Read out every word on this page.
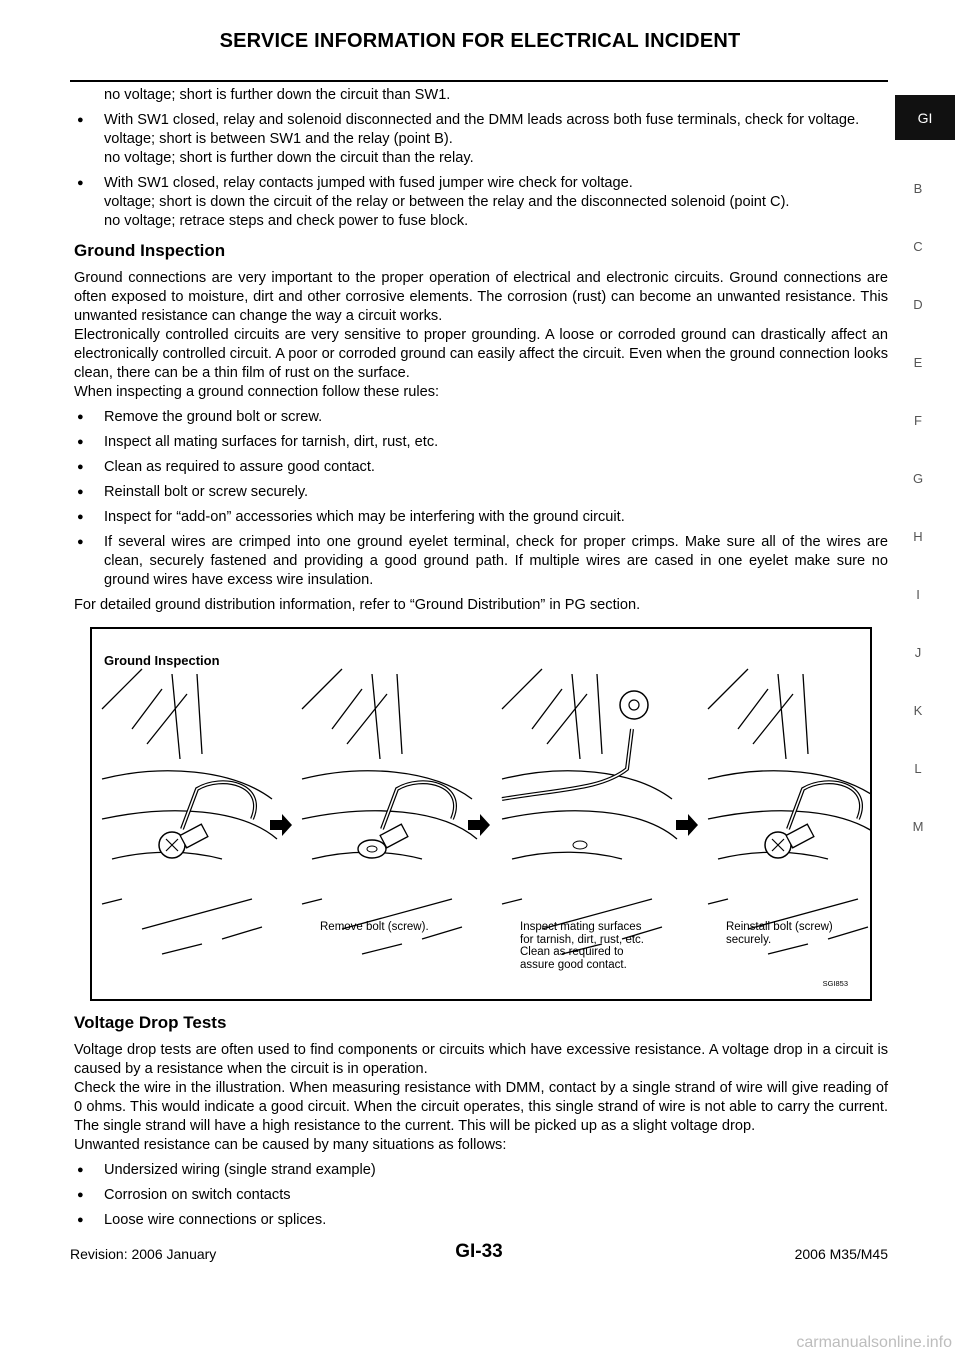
SERVICE INFORMATION FOR ELECTRICAL INCIDENT
GI
B
C
D
E
F
G
H
I
J
K
L
M

no voltage; short is further down the circuit than SW1.

● With SW1 closed, relay and solenoid disconnected and the DMM leads across both fuse terminals, check for voltage.
voltage; short is between SW1 and the relay (point B).
no voltage; short is further down the circuit than the relay.
● With SW1 closed, relay contacts jumped with fused jumper wire check for voltage.
voltage; short is down the circuit of the relay or between the relay and the disconnected solenoid (point C).
no voltage; retrace steps and check power to fuse block.
Ground Inspection

Ground connections are very important to the proper operation of electrical and electronic circuits. Ground connections are often exposed to moisture, dirt and other corrosive elements. The corrosion (rust) can become an unwanted resistance. This unwanted resistance can change the way a circuit works.

Electronically controlled circuits are very sensitive to proper grounding. A loose or corroded ground can drastically affect an electronically controlled circuit. A poor or corroded ground can easily affect the circuit. Even when the ground connection looks clean, there can be a thin film of rust on the surface.

When inspecting a ground connection follow these rules:

● Remove the ground bolt or screw.
● Inspect all mating surfaces for tarnish, dirt, rust, etc.
● Clean as required to assure good contact.
● Reinstall bolt or screw securely.
● Inspect for “add-on” accessories which may be interfering with the ground circuit.
● If several wires are crimped into one ground eyelet terminal, check for proper crimps. Make sure all of the wires are clean, securely fastened and providing a good ground path. If multiple wires are cased in one eyelet make sure no ground wires have excess wire insulation.

For detailed ground distribution information, refer to “Ground Distribution” in PG section.

Ground Inspection
Remove bolt (screw).	Inspect mating surfaces
for tarnish, dirt, rust, etc.
Clean as required to
assure good contact.
Reinstall bolt (screw)
securely.
SGI853
Voltage Drop Tests

Voltage drop tests are often used to find components or circuits which have excessive resistance. A voltage drop in a circuit is caused by a resistance when the circuit is in operation.

Check the wire in the illustration. When measuring resistance with DMM, contact by a single strand of wire will give reading of 0 ohms. This would indicate a good circuit. When the circuit operates, this single strand of wire is not able to carry the current. The single strand will have a high resistance to the current. This will be picked up as a slight voltage drop.

Unwanted resistance can be caused by many situations as follows:

● Undersized wiring (single strand example)
● Corrosion on switch contacts
● Loose wire connections or splices.
Revision: 2006 January	GI-33	2006 M35/M45
carmanualsonline.info
